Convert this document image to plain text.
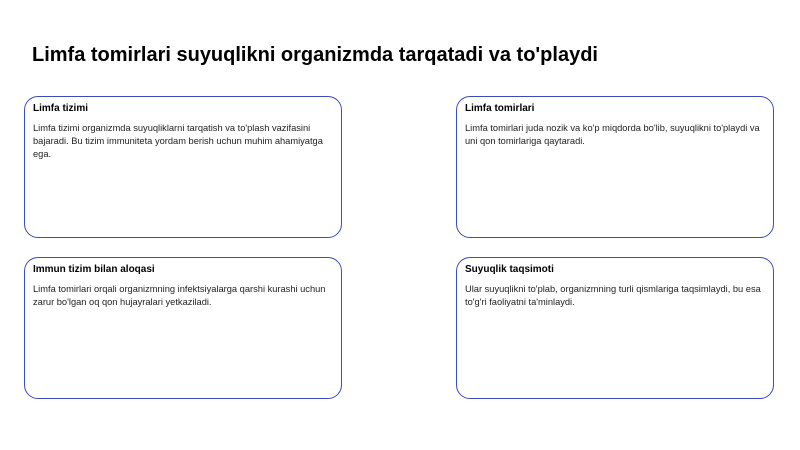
Limfa tomirlari suyuqlikni organizmda tarqatadi va to'playdi

Limfa tizimi

Limfa tizimi organizmda suyuqliklarni tarqatish va to'plash vazifasini bajaradi. Bu tizim immuniteta yordam berish uchun muhim ahamiyatga ega.

Limfa tomirlari

Limfa tomirlari juda nozik va ko'p miqdorda bo'lib, suyuqlikni to'playdi va uni qon tomirlariga qaytaradi.

Immun tizim bilan aloqasi

Limfa tomirlari orqali organizmning infektsiyalarga qarshi kurashi uchun zarur bo'lgan oq qon hujayralari yetkaziladi.

Suyuqlik taqsimoti

Ular suyuqlikni to'plab, organizmning turli qismlariga taqsimlaydi, bu esa to'g'ri faoliyatni ta'minlaydi.
